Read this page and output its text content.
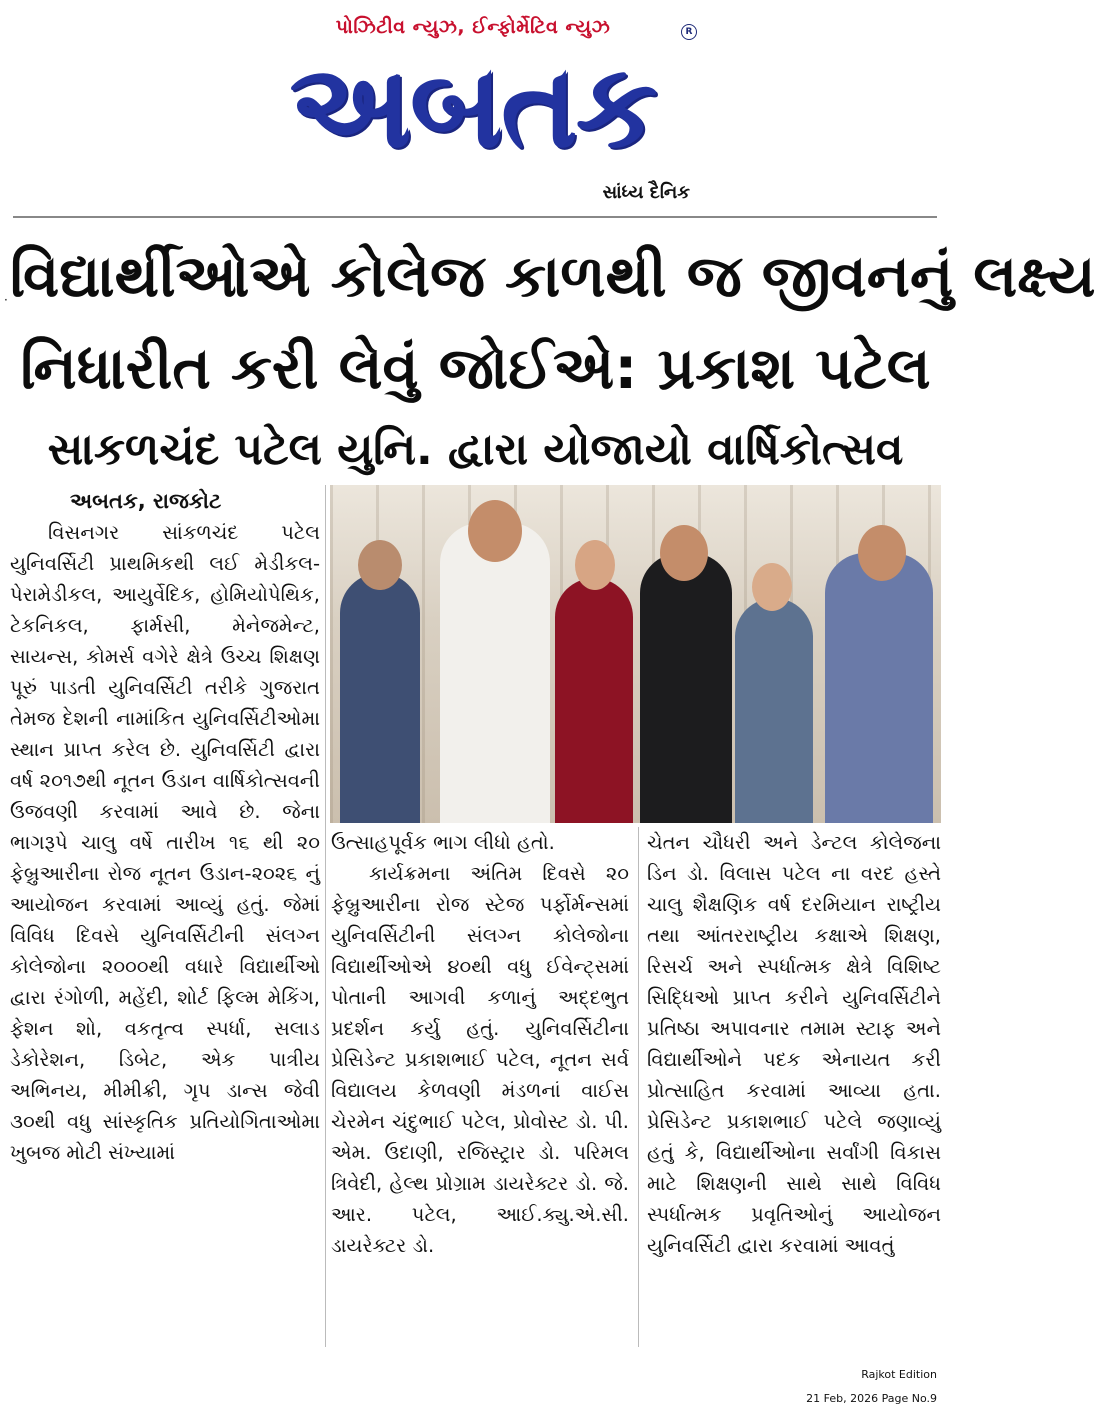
પોઝિટીવ ન્યુઝ, ઈન્ફોર્મેટિવ ન્યુઝ	R
અબતક
સાંધ્ય દૈનિક
· વિદ્યાર્થીઓએ કોલેજ કાળથી જ જીવનનું લક્ષ્ય
નિધારીત કરી લેવું જોઈએ: પ્રકાશ પટેલ
સાકળચંદ પટેલ યુનિ. દ્વારા યોજાયો વાર્ષિકોત્સવ
અબતક, રાજકોટ

વિસનગર સાંકળચંદ પટેલ યુનિવર્સિટી પ્રાથમિકથી લઈ મેડીકલ-પેરામેડીકલ, આયુર્વેદિક, હોમિયોપેથિક, ટેકનિકલ, ફાર્મસી, મેનેજમેન્ટ, સાયન્સ, કોમર્સ વગેરે ક્ષેત્રે ઉચ્ચ શિક્ષણ પૂરું પાડતી યુનિવર્સિટી તરીકે ગુજરાત તેમજ દેશની નામાંકિત યુનિવર્સિટીઓમા સ્થાન પ્રાપ્ત કરેલ છે. યુનિવર્સિટી દ્વારા વર્ષ ૨૦૧૭થી નૂતન ઉડાન વાર્ષિકોત્સવની ઉજવણી કરવામાં આવે છે. જેના ભાગરૂપે ચાલુ વર્ષે તારીખ ૧૬ થી ૨૦ ફેબ્રુઆરીના રોજ નૂતન ઉડાન-૨૦૨૬ નું આયોજન કરવામાં આવ્યું હતું. જેમાં વિવિધ દિવસે યુનિવર્સિટીની સંલગ્ન કોલેજોના ૨૦૦૦થી વધારે વિદ્યાર્થીઓ દ્વારા રંગોળી, મહેંદી, શોર્ટ ફિલ્મ મેકિંગ, ફેશન શો, વકતૃત્વ સ્પર્ધા, સલાડ ડેકોરેશન, ડિબેટ, એક પાત્રીય અભિનય, મીમીક્રી, ગૃપ ડાન્સ જેવી ૩૦થી વધુ સાંસ્કૃતિક પ્રતિયોગિતાઓમા ખુબજ મોટી સંખ્યામાં

ઉત્સાહપૂર્વક ભાગ લીધો હતો.

કાર્યક્રમના અંતિમ દિવસે ૨૦ ફેબ્રુઆરીના રોજ સ્ટેજ પર્ફોર્મન્સમાં યુનિવર્સિટીની સંલગ્ન કોલેજોના વિદ્યાર્થીઓએ ૪૦થી વધુ ઈવેન્ટ્સમાં પોતાની આગવી કળાનું અદ્દભુત પ્રદર્શન કર્યુ હતું. યુનિવર્સિટીના પ્રેસિડેન્ટ પ્રકાશભાઈ પટેલ, નૂતન સર્વ વિદ્યાલય કેળવણી મંડળનાં વાઈસ ચેરમેન ચંદુભાઈ પટેલ, પ્રોવોસ્ટ ડો. પી. એમ. ઉદાણી, રજિસ્ટ્રાર ડો. પરિમલ ત્રિવેદી, હેલ્થ પ્રોગ્રામ ડાયરેક્ટર ડો. જે. આર. પટેલ, આઈ.ક્યુ.એ.સી. ડાયરેક્ટર ડો.

ચેતન ચૌધરી અને ડેન્ટલ કોલેજના ડિન ડો. વિલાસ પટેલ ના વરદ હસ્તે ચાલુ શૈક્ષણિક વર્ષ દરમિયાન રાષ્ટ્રીય તથા આંતરરાષ્ટ્રીય કક્ષાએ શિક્ષણ, રિસર્ચ અને સ્પર્ધાત્મક ક્ષેત્રે વિશિષ્ટ સિદ્ધિઓ પ્રાપ્ત કરીને યુનિવર્સિટીને પ્રતિષ્ઠા અપાવનાર તમામ સ્ટાફ અને વિદ્યાર્થીઓને પદક એનાયત કરી પ્રોત્સાહિત કરવામાં આવ્યા હતા. પ્રેસિડેન્ટ પ્રકાશભાઈ પટેલે જણાવ્યું હતું કે, વિદ્યાર્થીઓના સર્વાંગી વિકાસ માટે શિક્ષણની સાથે સાથે વિવિધ સ્પર્ધાત્મક પ્રવૃતિઓનું આયોજન યુનિવર્સિટી દ્વારા કરવામાં આવતું

Rajkot Edition
21 Feb, 2026 Page No.9
